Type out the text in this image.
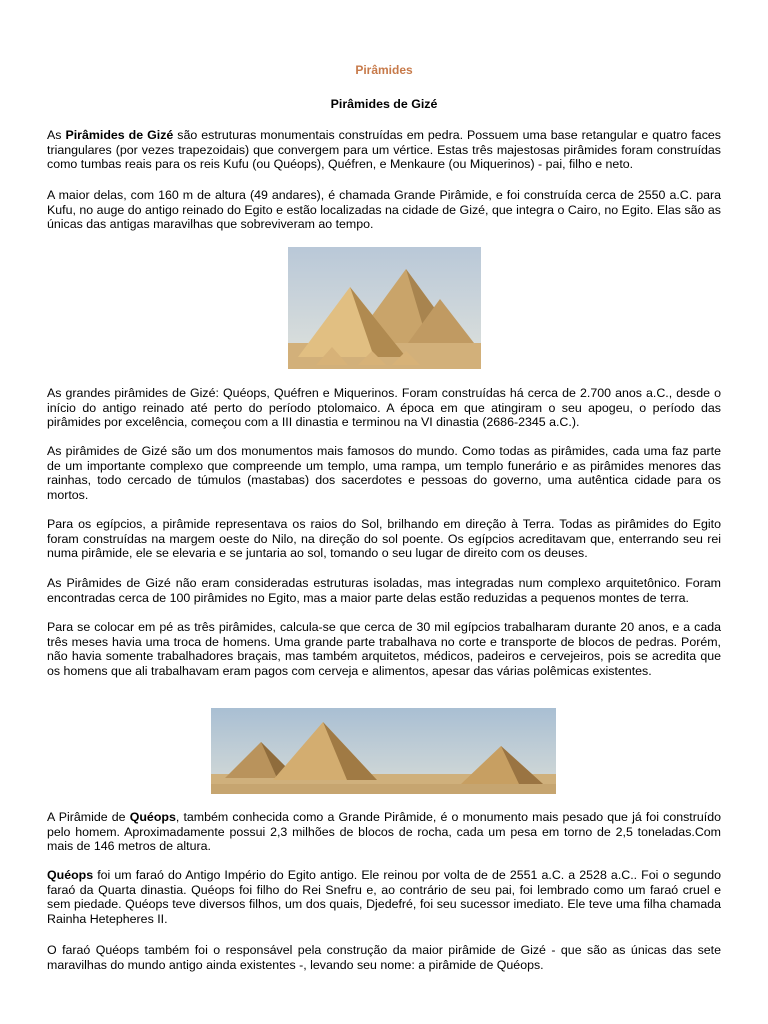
Pirâmides
Pirâmides de Gizé

As Pirâmides de Gizé são estruturas monumentais construídas em pedra. Possuem uma base retangular e quatro faces triangulares (por vezes trapezoidais) que convergem para um vértice. Estas três majestosas pirâmides foram construídas como tumbas reais para os reis Kufu (ou Quéops), Quéfren, e Menkaure (ou Miquerinos) - pai, filho e neto.

A maior delas, com 160 m de altura (49 andares), é chamada Grande Pirâmide, e foi construída cerca de 2550 a.C. para Kufu, no auge do antigo reinado do Egito e estão localizadas na cidade de Gizé, que integra o Cairo, no Egito. Elas são as únicas das antigas maravilhas que sobreviveram ao tempo.

As grandes pirâmides de Gizé: Quéops, Quéfren e Miquerinos. Foram construídas há cerca de 2.700 anos a.C., desde o início do antigo reinado até perto do período ptolomaico. A época em que atingiram o seu apogeu, o período das pirâmides por excelência, começou com a III dinastia e terminou na VI dinastia (2686-2345 a.C.).

As pirâmides de Gizé são um dos monumentos mais famosos do mundo. Como todas as pirâmides, cada uma faz parte de um importante complexo que compreende um templo, uma rampa, um templo funerário e as pirâmides menores das rainhas, todo cercado de túmulos (mastabas) dos sacerdotes e pessoas do governo, uma autêntica cidade para os mortos.

Para os egípcios, a pirâmide representava os raios do Sol, brilhando em direção à Terra. Todas as pirâmides do Egito foram construídas na margem oeste do Nilo, na direção do sol poente. Os egípcios acreditavam que, enterrando seu rei numa pirâmide, ele se elevaria e se juntaria ao sol, tomando o seu lugar de direito com os deuses.

As Pirâmides de Gizé não eram consideradas estruturas isoladas, mas integradas num complexo arquitetônico. Foram encontradas cerca de 100 pirâmides no Egito, mas a maior parte delas estão reduzidas a pequenos montes de terra.

Para se colocar em pé as três pirâmides, calcula-se que cerca de 30 mil egípcios trabalharam durante 20 anos, e a cada três meses havia uma troca de homens. Uma grande parte trabalhava no corte e transporte de blocos de pedras. Porém, não havia somente trabalhadores braçais, mas também arquitetos, médicos, padeiros e cervejeiros, pois se acredita que os homens que ali trabalhavam eram pagos com cerveja e alimentos, apesar das várias polêmicas existentes.

A Pirâmide de Quéops, também conhecida como a Grande Pirâmide, é o monumento mais pesado que já foi construído pelo homem. Aproximadamente possui 2,3 milhões de blocos de rocha, cada um pesa em torno de 2,5 toneladas.Com mais de 146 metros de altura.

Quéops foi um faraó do Antigo Império do Egito antigo. Ele reinou por volta de de 2551 a.C. a 2528 a.C.. Foi o segundo faraó da Quarta dinastia. Quéops foi filho do Rei Snefru e, ao contrário de seu pai, foi lembrado como um faraó cruel e sem piedade. Quéops teve diversos filhos, um dos quais, Djedefré, foi seu sucessor imediato. Ele teve uma filha chamada Rainha Hetepheres II.

O faraó Quéops também foi o responsável pela construção da maior pirâmide de Gizé - que são as únicas das sete maravilhas do mundo antigo ainda existentes -, levando seu nome: a pirâmide de Quéops.
